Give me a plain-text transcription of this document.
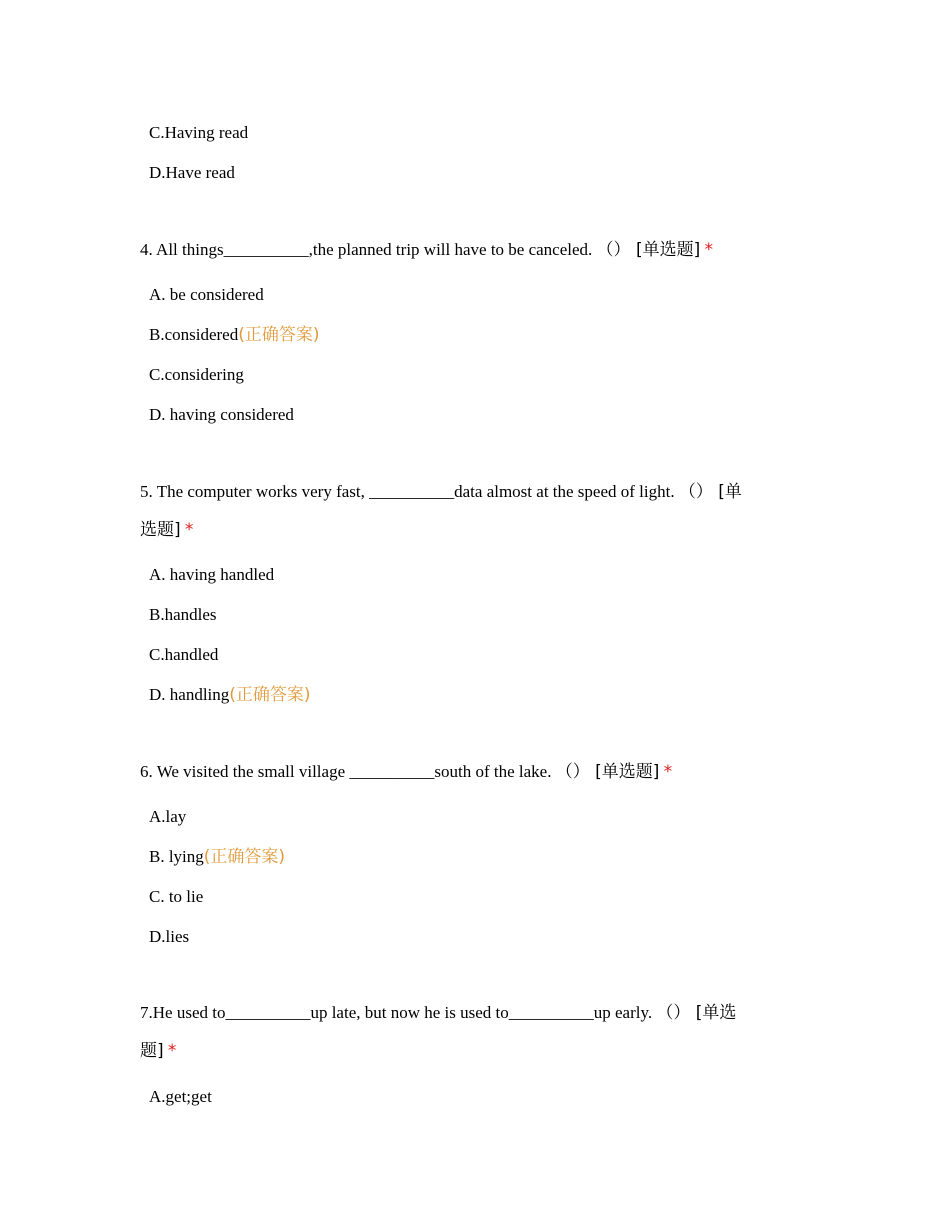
C.Having read
D.Have read
4. All things__________,the planned trip will have to be canceled. （） [单选题] *
A. be considered
B.considered(正确答案)
C.considering
D. having considered
5. The computer works very fast, __________data almost at the speed of light. （） [单
选题] *
A. having handled
B.handles
C.handled
D. handling(正确答案)
6. We visited the small village __________south of the lake. （） [单选题] *
A.lay
B. lying(正确答案)
C. to lie
D.lies
7.He used to__________up late, but now he is used to__________up early. （） [单选
题] *
A.get;get
